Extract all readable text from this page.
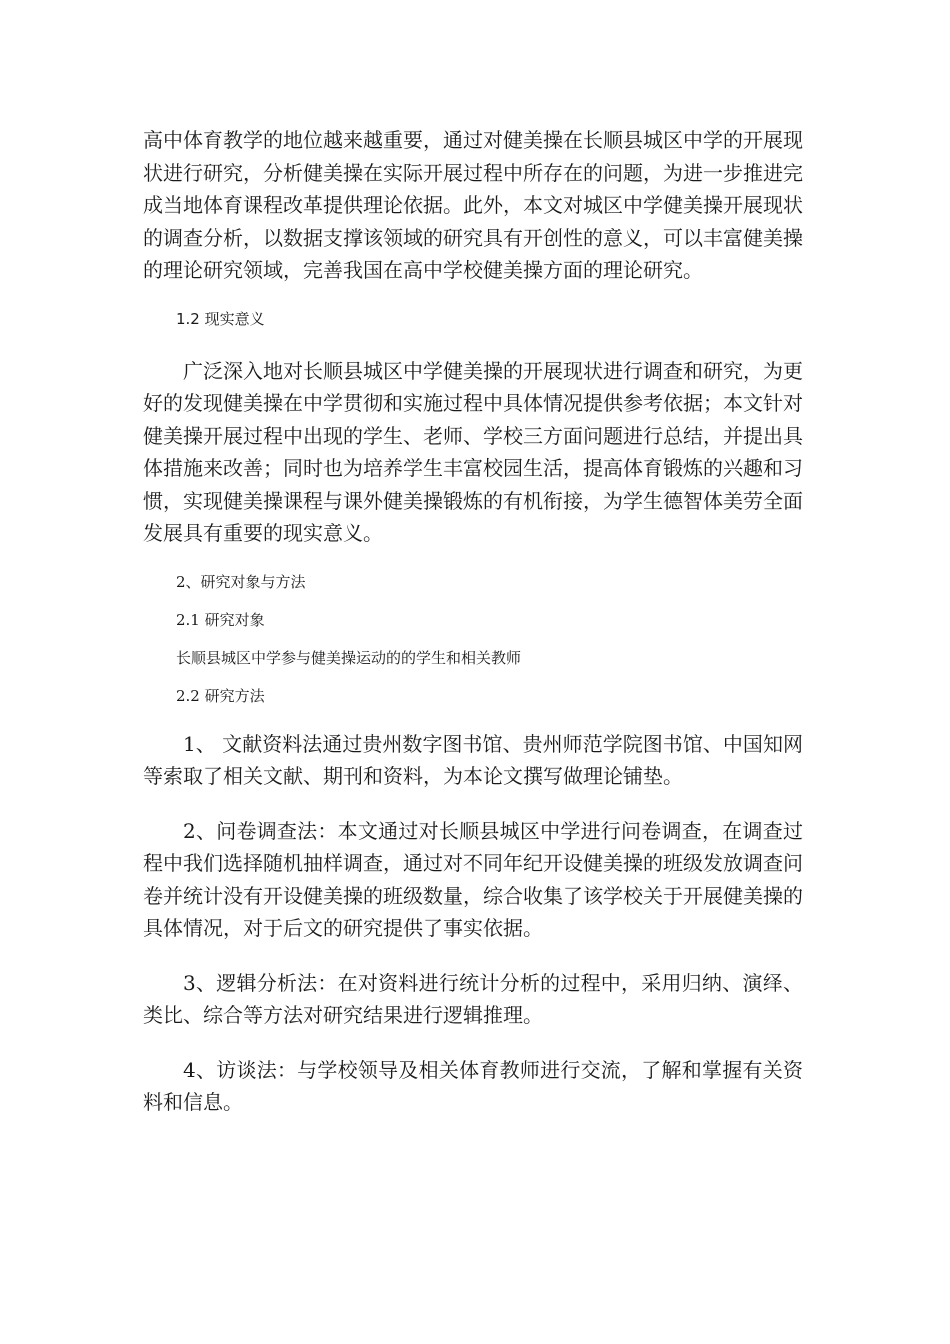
高中体育教学的地位越来越重要，通过对健美操在长顺县城区中学的开展现状进行研究，分析健美操在实际开展过程中所存在的问题，为进一步推进完成当地体育课程改革提供理论依据。此外，本文对城区中学健美操开展现状的调查分析，以数据支撑该领域的研究具有开创性的意义，可以丰富健美操的理论研究领域，完善我国在高中学校健美操方面的理论研究。

1.2 现实意义

广泛深入地对长顺县城区中学健美操的开展现状进行调查和研究，为更好的发现健美操在中学贯彻和实施过程中具体情况提供参考依据；本文针对健美操开展过程中出现的学生、老师、学校三方面问题进行总结，并提出具体措施来改善；同时也为培养学生丰富校园生活，提高体育锻炼的兴趣和习惯，实现健美操课程与课外健美操锻炼的有机衔接，为学生德智体美劳全面发展具有重要的现实意义。

2、研究对象与方法

2.1 研究对象

长顺县城区中学参与健美操运动的的学生和相关教师

2.2 研究方法

1、 文献资料法通过贵州数字图书馆、贵州师范学院图书馆、中国知网等索取了相关文献、期刊和资料，为本论文撰写做理论铺垫。

2、问卷调查法：本文通过对长顺县城区中学进行问卷调查，在调查过程中我们选择随机抽样调查，通过对不同年纪开设健美操的班级发放调查问卷并统计没有开设健美操的班级数量，综合收集了该学校关于开展健美操的具体情况，对于后文的研究提供了事实依据。

3、逻辑分析法：在对资料进行统计分析的过程中，采用归纳、演绎、类比、综合等方法对研究结果进行逻辑推理。

4、访谈法：与学校领导及相关体育教师进行交流，了解和掌握有关资料和信息。
